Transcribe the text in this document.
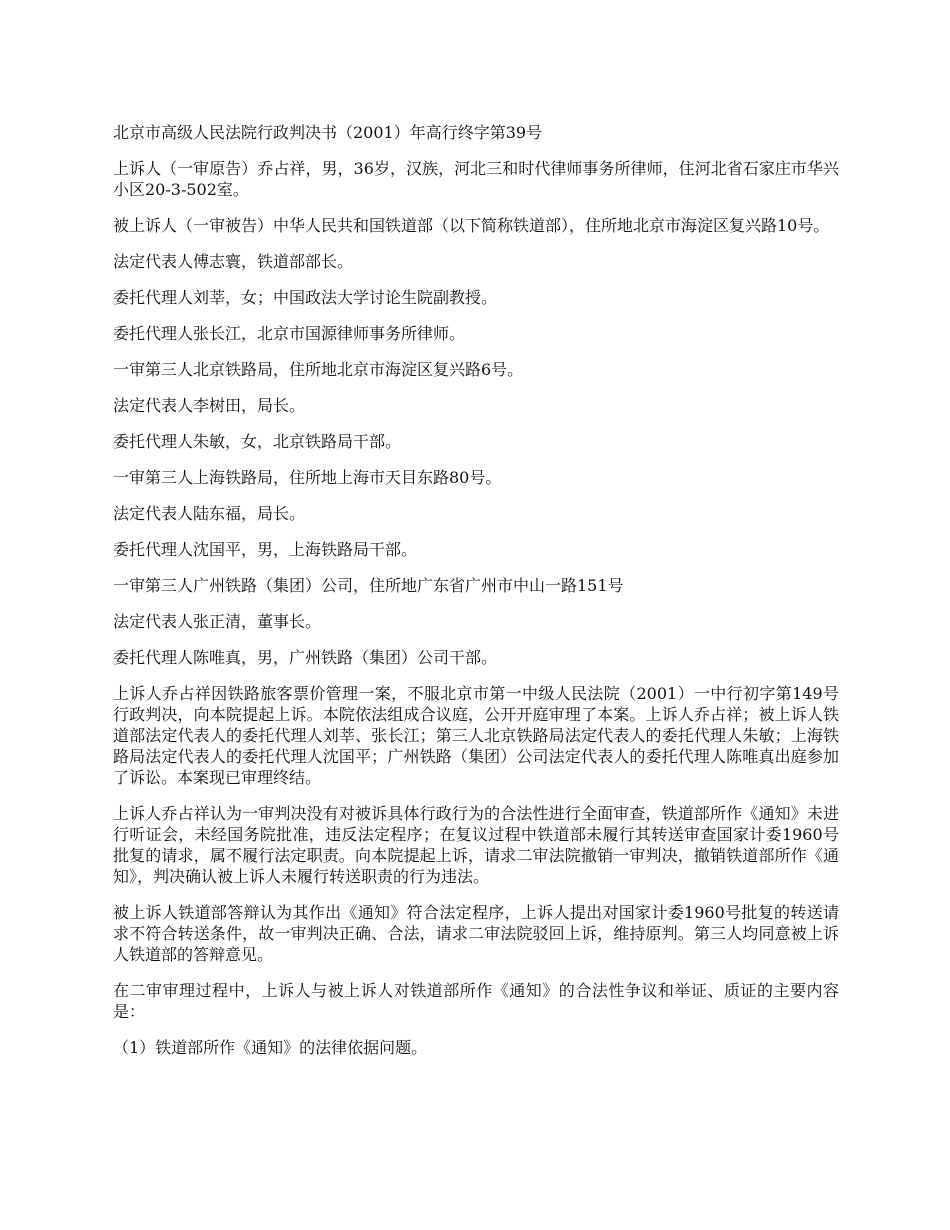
北京市高级人民法院行政判决书（2001）年高行终字第39号

上诉人（一审原告）乔占祥，男，36岁，汉族，河北三和时代律师事务所律师，住河北省石家庄市华兴小区20-3-502室。

被上诉人（一审被告）中华人民共和国铁道部（以下简称铁道部），住所地北京市海淀区复兴路10号。

法定代表人傅志寰，铁道部部长。

委托代理人刘莘，女；中国政法大学讨论生院副教授。

委托代理人张长江，北京市国源律师事务所律师。

一审第三人北京铁路局，住所地北京市海淀区复兴路6号。

法定代表人李树田，局长。

委托代理人朱敏，女，北京铁路局干部。

一审第三人上海铁路局，住所地上海市天目东路80号。

法定代表人陆东福，局长。

委托代理人沈国平，男，上海铁路局干部。

一审第三人广州铁路（集团）公司，住所地广东省广州市中山一路151号

法定代表人张正清，董事长。

委托代理人陈唯真，男，广州铁路（集团）公司干部。

上诉人乔占祥因铁路旅客票价管理一案，不服北京市第一中级人民法院（2001）一中行初字第149号行政判决，向本院提起上诉。本院依法组成合议庭，公开开庭审理了本案。上诉人乔占祥；被上诉人铁道部法定代表人的委托代理人刘莘、张长江；第三人北京铁路局法定代表人的委托代理人朱敏；上海铁路局法定代表人的委托代理人沈国平；广州铁路（集团）公司法定代表人的委托代理人陈唯真出庭参加了诉讼。本案现已审理终结。

上诉人乔占祥认为一审判决没有对被诉具体行政行为的合法性进行全面审查，铁道部所作《通知》未进行听证会，未经国务院批准，违反法定程序；在复议过程中铁道部未履行其转送审查国家计委1960号批复的请求，属不履行法定职责。向本院提起上诉，请求二审法院撤销一审判决，撤销铁道部所作《通知》，判决确认被上诉人未履行转送职责的行为违法。

被上诉人铁道部答辩认为其作出《通知》符合法定程序，上诉人提出对国家计委1960号批复的转送请求不符合转送条件，故一审判决正确、合法，请求二审法院驳回上诉，维持原判。第三人均同意被上诉人铁道部的答辩意见。

在二审审理过程中，上诉人与被上诉人对铁道部所作《通知》的合法性争议和举证、质证的主要内容是：

（1）铁道部所作《通知》的法律依据问题。
